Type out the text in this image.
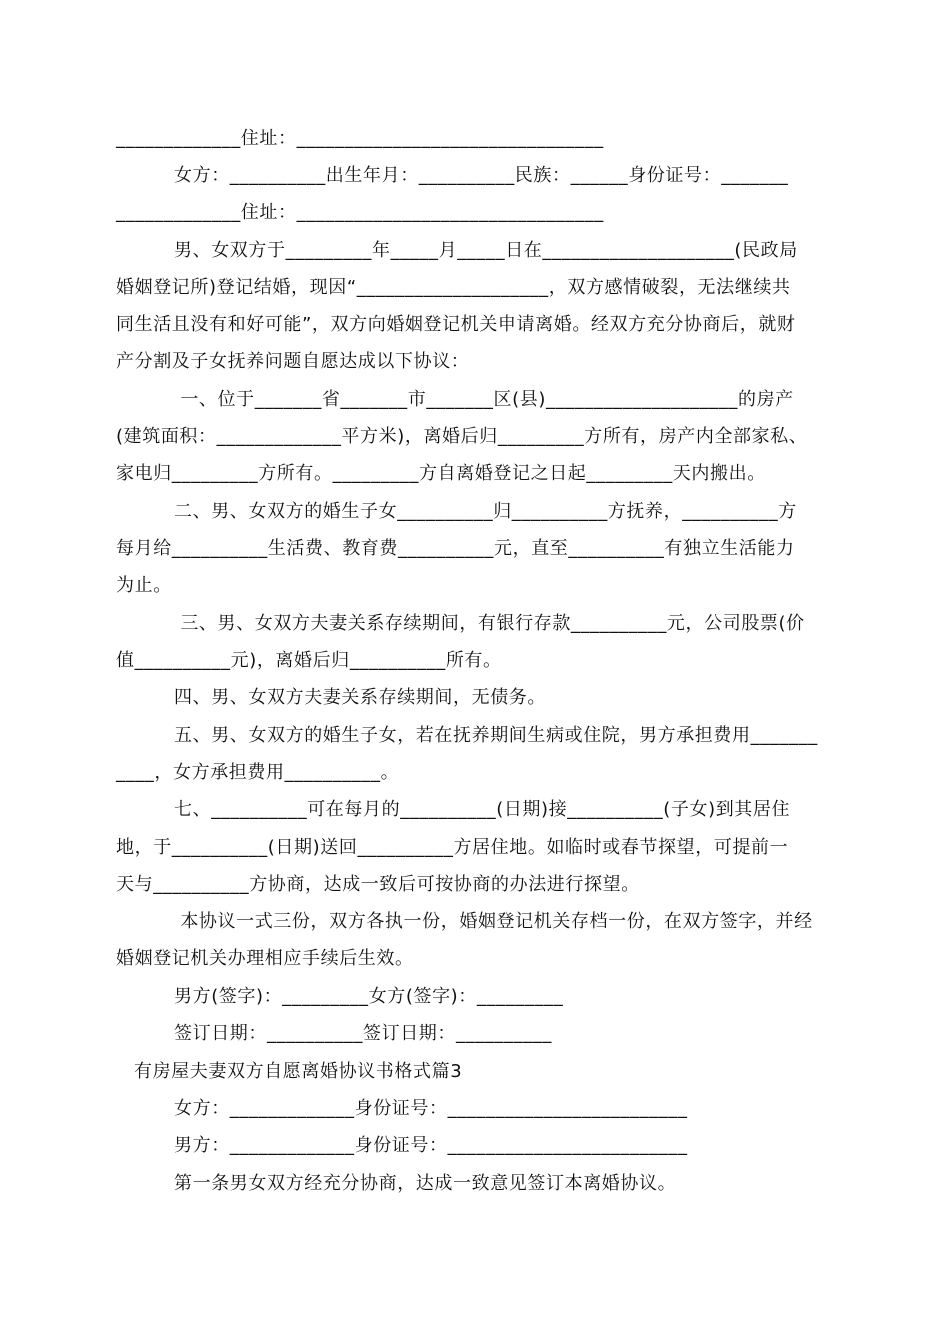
_____________住址：________________________________
女方：__________出生年月：__________民族：______身份证号：_______
_____________住址：________________________________
男、女双方于_________年_____月_____日在____________________(民政局
婚姻登记所)登记结婚，现因“____________________，双方感情破裂，无法继续共
同生活且没有和好可能”，双方向婚姻登记机关申请离婚。经双方充分协商后，就财
产分割及子女抚养问题自愿达成以下协议：
一、位于_______省_______市_______区(县)____________________的房产
(建筑面积：_____________平方米)，离婚后归_________方所有，房产内全部家私、
家电归_________方所有。_________方自离婚登记之日起_________天内搬出。
二、男、女双方的婚生子女__________归__________方抚养，__________方
每月给__________生活费、教育费__________元，直至__________有独立生活能力
为止。
三、男、女双方夫妻关系存续期间，有银行存款__________元，公司股票(价
值__________元)，离婚后归__________所有。
四、男、女双方夫妻关系存续期间，无债务。
五、男、女双方的婚生子女，若在抚养期间生病或住院，男方承担费用_______
____，女方承担费用__________。
七、__________可在每月的__________(日期)接__________(子女)到其居住
地，于__________(日期)送回__________方居住地。如临时或春节探望，可提前一
天与__________方协商，达成一致后可按协商的办法进行探望。
本协议一式三份，双方各执一份，婚姻登记机关存档一份，在双方签字，并经
婚姻登记机关办理相应手续后生效。
男方(签字)：_________女方(签字)：_________
签订日期：__________签订日期：__________
有房屋夫妻双方自愿离婚协议书格式篇3
女方：_____________身份证号：_________________________
男方：_____________身份证号：_________________________
第一条男女双方经充分协商，达成一致意见签订本离婚协议。
